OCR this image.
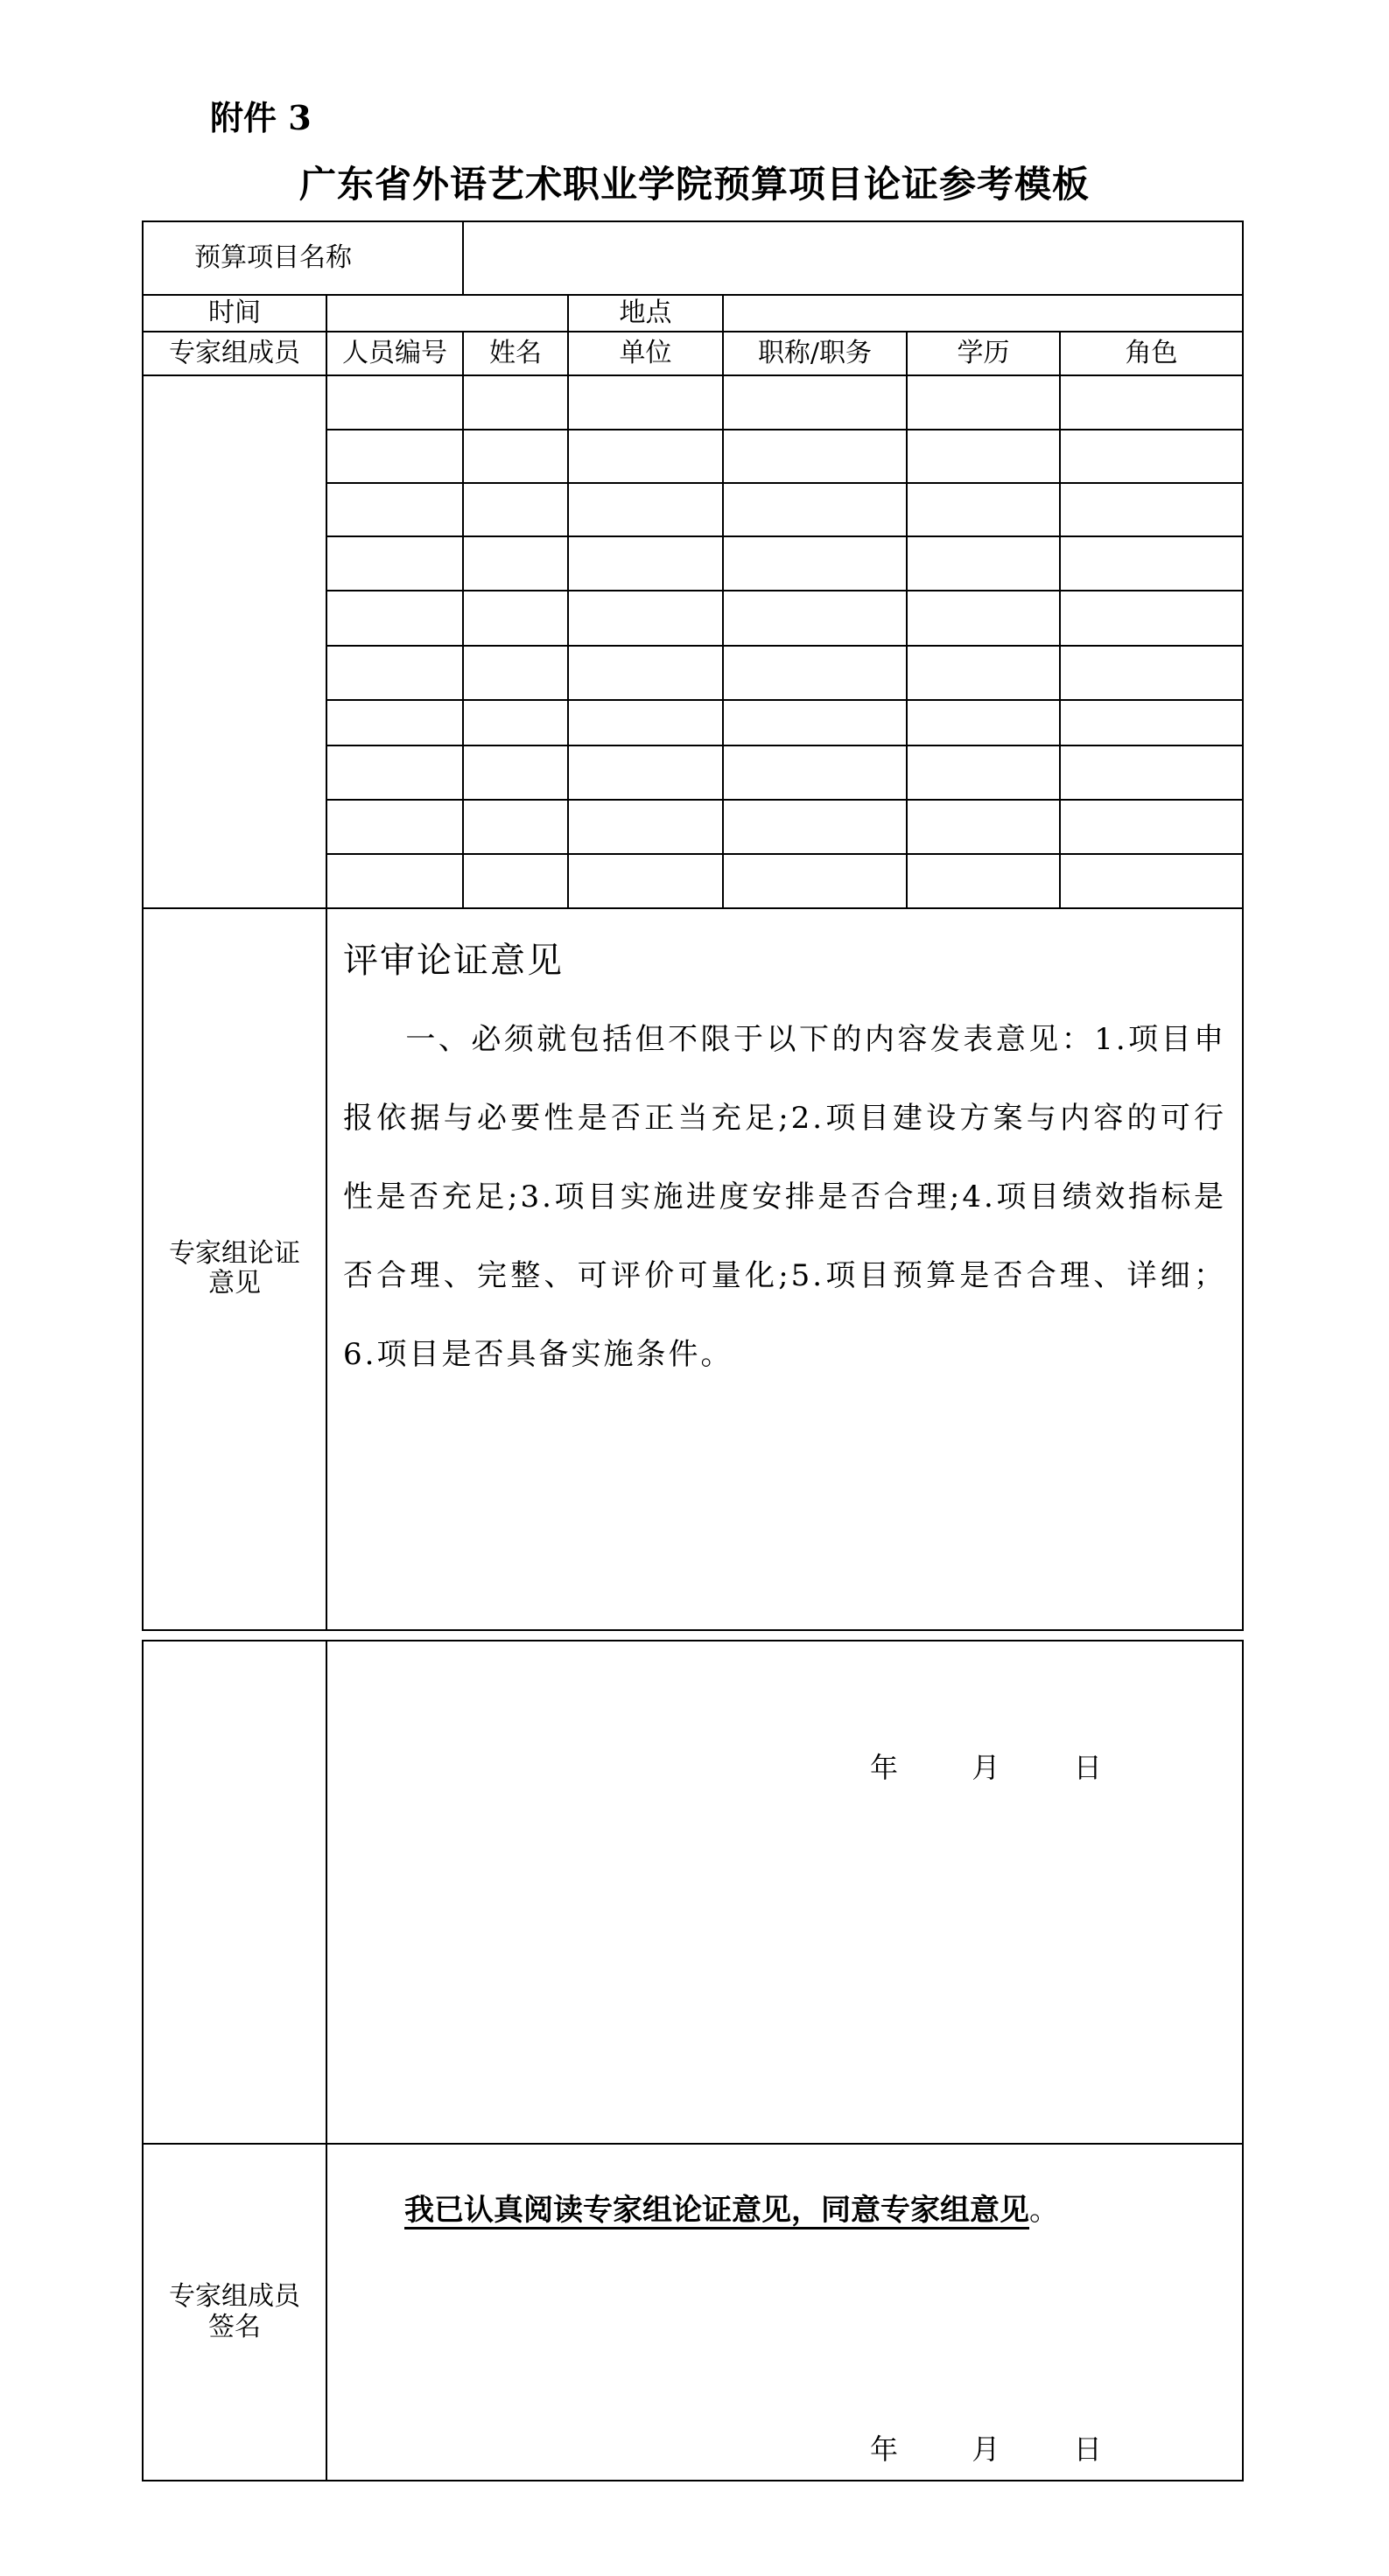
附件 3
广东省外语艺术职业学院预算项目论证参考模板
预算项目名称						
时间			地点			
专家组成员	人员编号	姓名	单位	职称/职务	学历	角色

专家组论证意见	评审论证意见
一、必须就包括但不限于以下的内容发表意见：1.项目申报依据与必要性是否正当充足;2.项目建设方案与内容的可行性是否充足;3.项目实施进度安排是否合理;4.项目绩效指标是否合理、完整、可评价可量化;5.项目预算是否合理、详细；6.项目是否具备实施条件。					

	年 月 日

专家组成员签名	我已认真阅读专家组论证意见，同意专家组意见。
年 月 日
